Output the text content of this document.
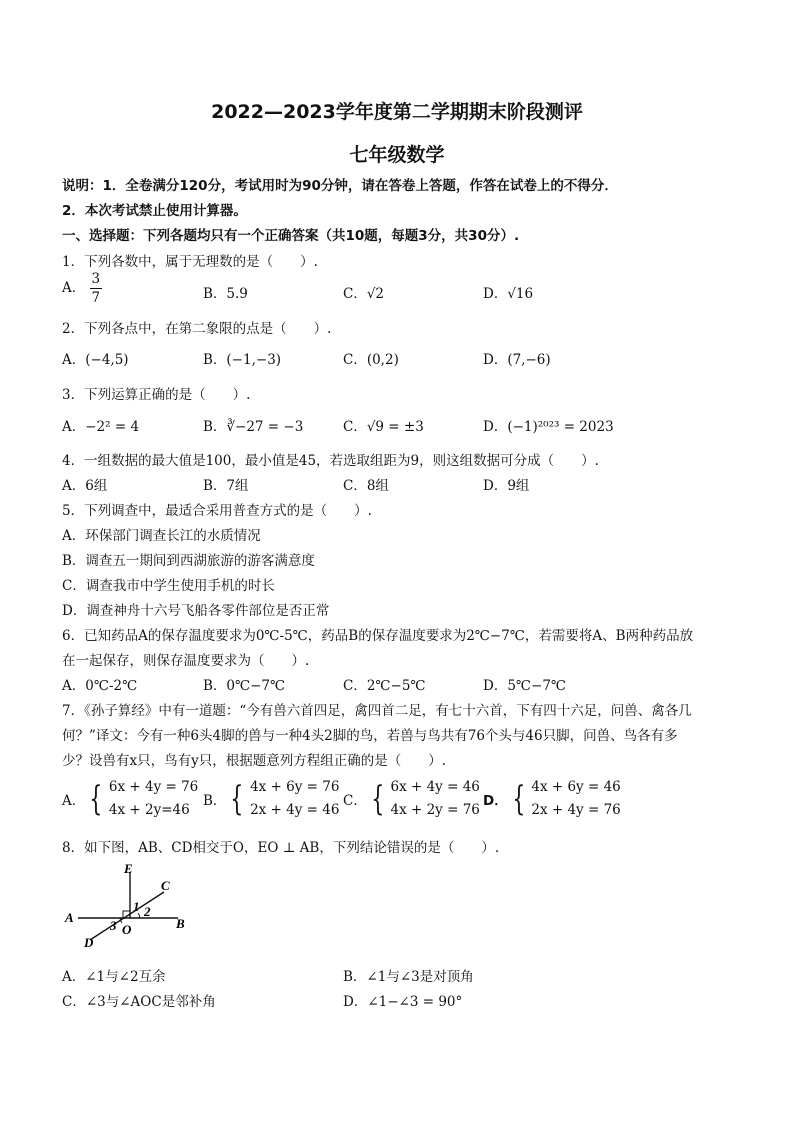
2022—2023学年度第二学期期末阶段测评
七年级数学
说明：1．全卷满分120分，考试用时为90分钟，请在答卷上答题，作答在试卷上的不得分．
2．本次考试禁止使用计算器。
一、选择题：下列各题均只有一个正确答案（共10题，每题3分，共30分）.
1．下列各数中，属于无理数的是（　　）.
A． $\frac{3}{7}$	B．5.9	C．√2	D．√16
2．下列各点中，在第二象限的点是（　　）.
A．(−4,5)	B．(−1,−3)	C．(0,2)	D．(7,−6)
3．下列运算正确的是（　　）.
A．−2² = 4	B．∛−27 = −3	C．√9 = ±3	D．(−1)²⁰²³ = 2023
4．一组数据的最大值是100，最小值是45，若选取组距为9，则这组数据可分成（　　）.
A．6组	B．7组	C．8组	D．9组
5．下列调查中，最适合采用普查方式的是（　　）.
A．环保部门调查长江的水质情况
B．调查五一期间到西湖旅游的游客满意度
C．调查我市中学生使用手机的时长
D．调查神舟十六号飞船各零件部位是否正常
6．已知药品A的保存温度要求为0℃-5℃，药品B的保存温度要求为2℃−7℃，若需要将A、B两种药品放
在一起保存，则保存温度要求为（　　）.
A．0℃-2℃	B．0℃−7℃	C．2℃−5℃	D．5℃−7℃
7．《孙子算经》中有一道题：“今有兽六首四足，禽四首二足，有七十六首，下有四十六足，问兽、禽各几
何？”译文：今有一种6头4脚的兽与一种4头2脚的鸟，若兽与鸟共有76个头与46只脚，问兽、鸟各有多
少？设兽有x只，鸟有y只，根据题意列方程组正确的是（　　）.
A． { 6x + 4y = 76
4x + 2y=46
B． { 4x + 6y = 76
2x + 4y = 46
C． { 6x + 4y = 46
4x + 2y = 76
D． { 4x + 6y = 46
2x + 4y = 76
8．如下图，AB、CD相交于O，EO ⊥ AB，下列结论错误的是（　　）.
E
C
A	B
D
O
1 2
3
A．∠1与∠2互余	B．∠1与∠3是对顶角
C．∠3与∠AOC是邻补角	D．∠1−∠3 = 90°
